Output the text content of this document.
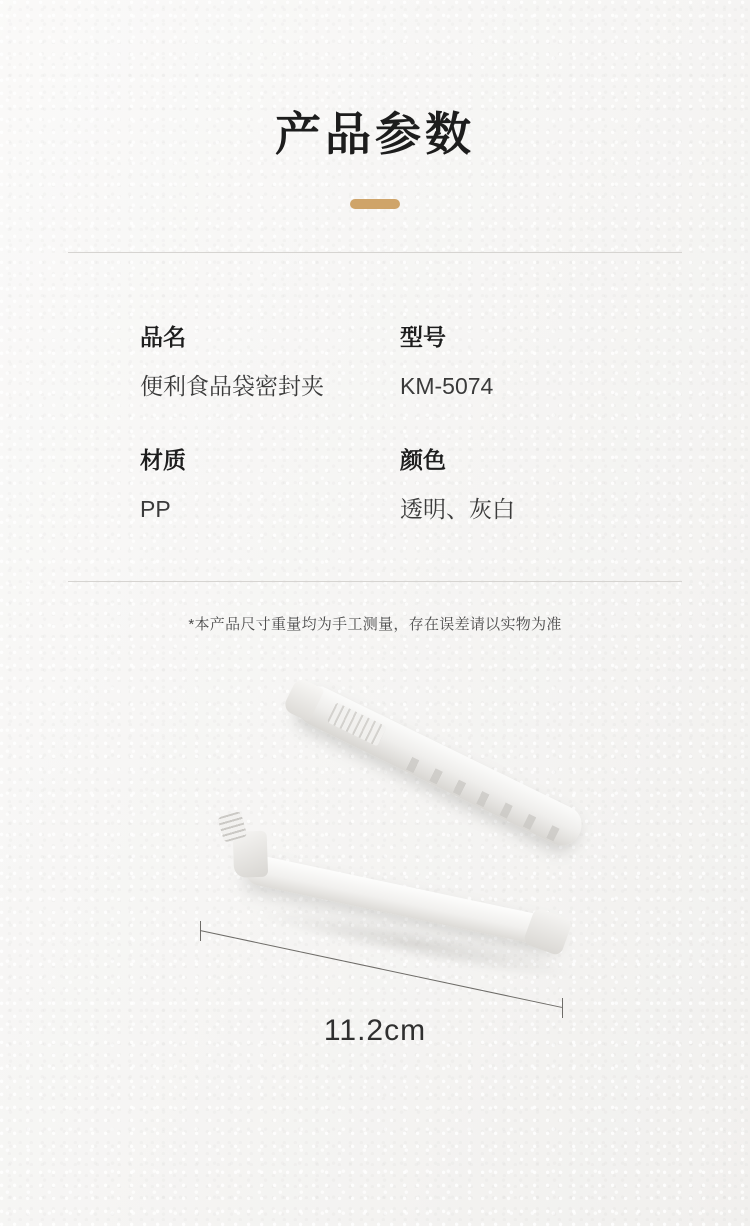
产品参数
品名
便利食品袋密封夹
型号
KM-5074
材质
PP
颜色
透明、灰白
*本产品尺寸重量均为手工测量，存在误差请以实物为准
11.2cm
